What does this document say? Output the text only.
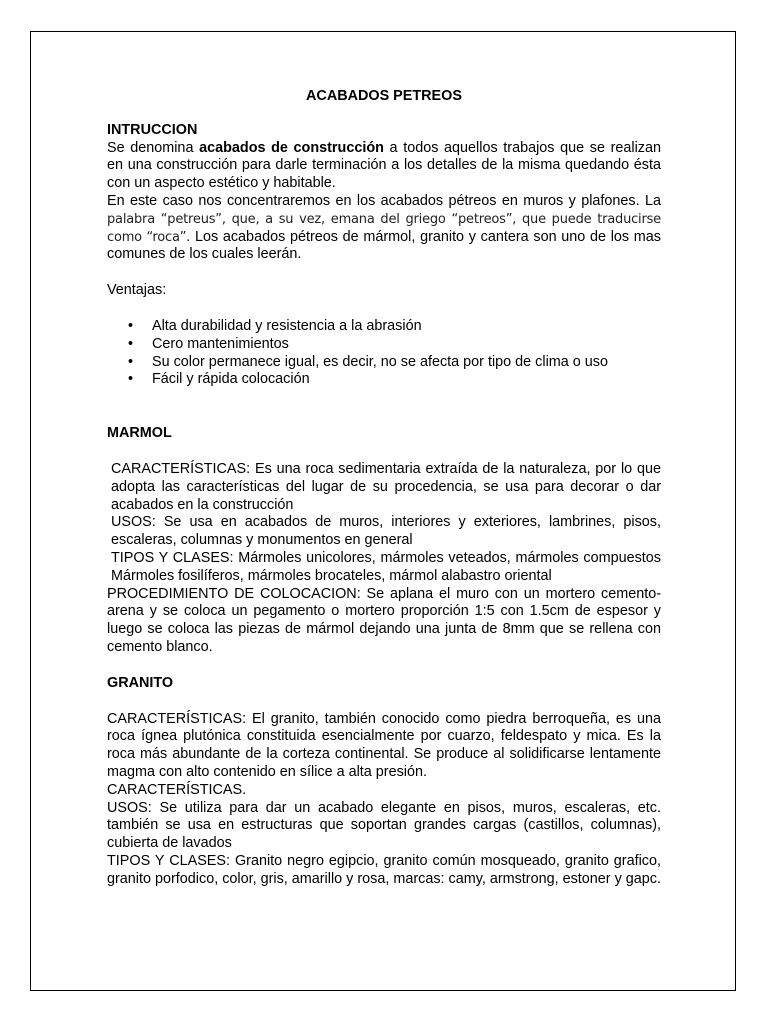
ACABADOS PETREOS

INTRUCCION

Se denomina acabados de construcción a todos aquellos trabajos que se realizan en una construcción para darle terminación a los detalles de la misma quedando ésta con un aspecto estético y habitable.

En este caso nos concentraremos en los acabados pétreos en muros y plafones. La palabra “petreus”, que, a su vez, emana del griego “petreos”, que puede traducirse como “roca”. Los acabados pétreos de mármol, granito y cantera son uno de los mas comunes de los cuales leerán.

Ventajas:

• Alta durabilidad y resistencia a la abrasión
• Cero mantenimientos
• Su color permanece igual, es decir, no se afecta por tipo de clima o uso
• Fácil y rápida colocación

MARMOL

CARACTERÍSTICAS: Es una roca sedimentaria extraída de la naturaleza, por lo que adopta las características del lugar de su procedencia, se usa para decorar o dar acabados en la construcción

USOS: Se usa en acabados de muros, interiores y exteriores, lambrines, pisos, escaleras, columnas y monumentos en general

TIPOS Y CLASES: Mármoles unicolores, mármoles veteados, mármoles compuestos Mármoles fosilíferos, mármoles brocateles, mármol alabastro oriental

PROCEDIMIENTO DE COLOCACION: Se aplana el muro con un mortero cemento-arena y se coloca un pegamento o mortero proporción 1:5 con 1.5cm de espesor y luego se coloca las piezas de mármol dejando una junta de 8mm que se rellena con cemento blanco.

GRANITO

CARACTERÍSTICAS: El granito, también conocido como piedra berroqueña, es una roca ígnea plutónica constituida esencialmente por cuarzo, feldespato y mica. Es la roca más abundante de la corteza continental. Se produce al solidificarse lentamente magma con alto contenido en sílice a alta presión.

CARACTERÍSTICAS.

USOS: Se utiliza para dar un acabado elegante en pisos, muros, escaleras, etc. también se usa en estructuras que soportan grandes cargas (castillos, columnas), cubierta de lavados

TIPOS Y CLASES: Granito negro egipcio, granito común mosqueado, granito grafico, granito porfodico, color, gris, amarillo y rosa, marcas: camy, armstrong, estoner y gapc.
